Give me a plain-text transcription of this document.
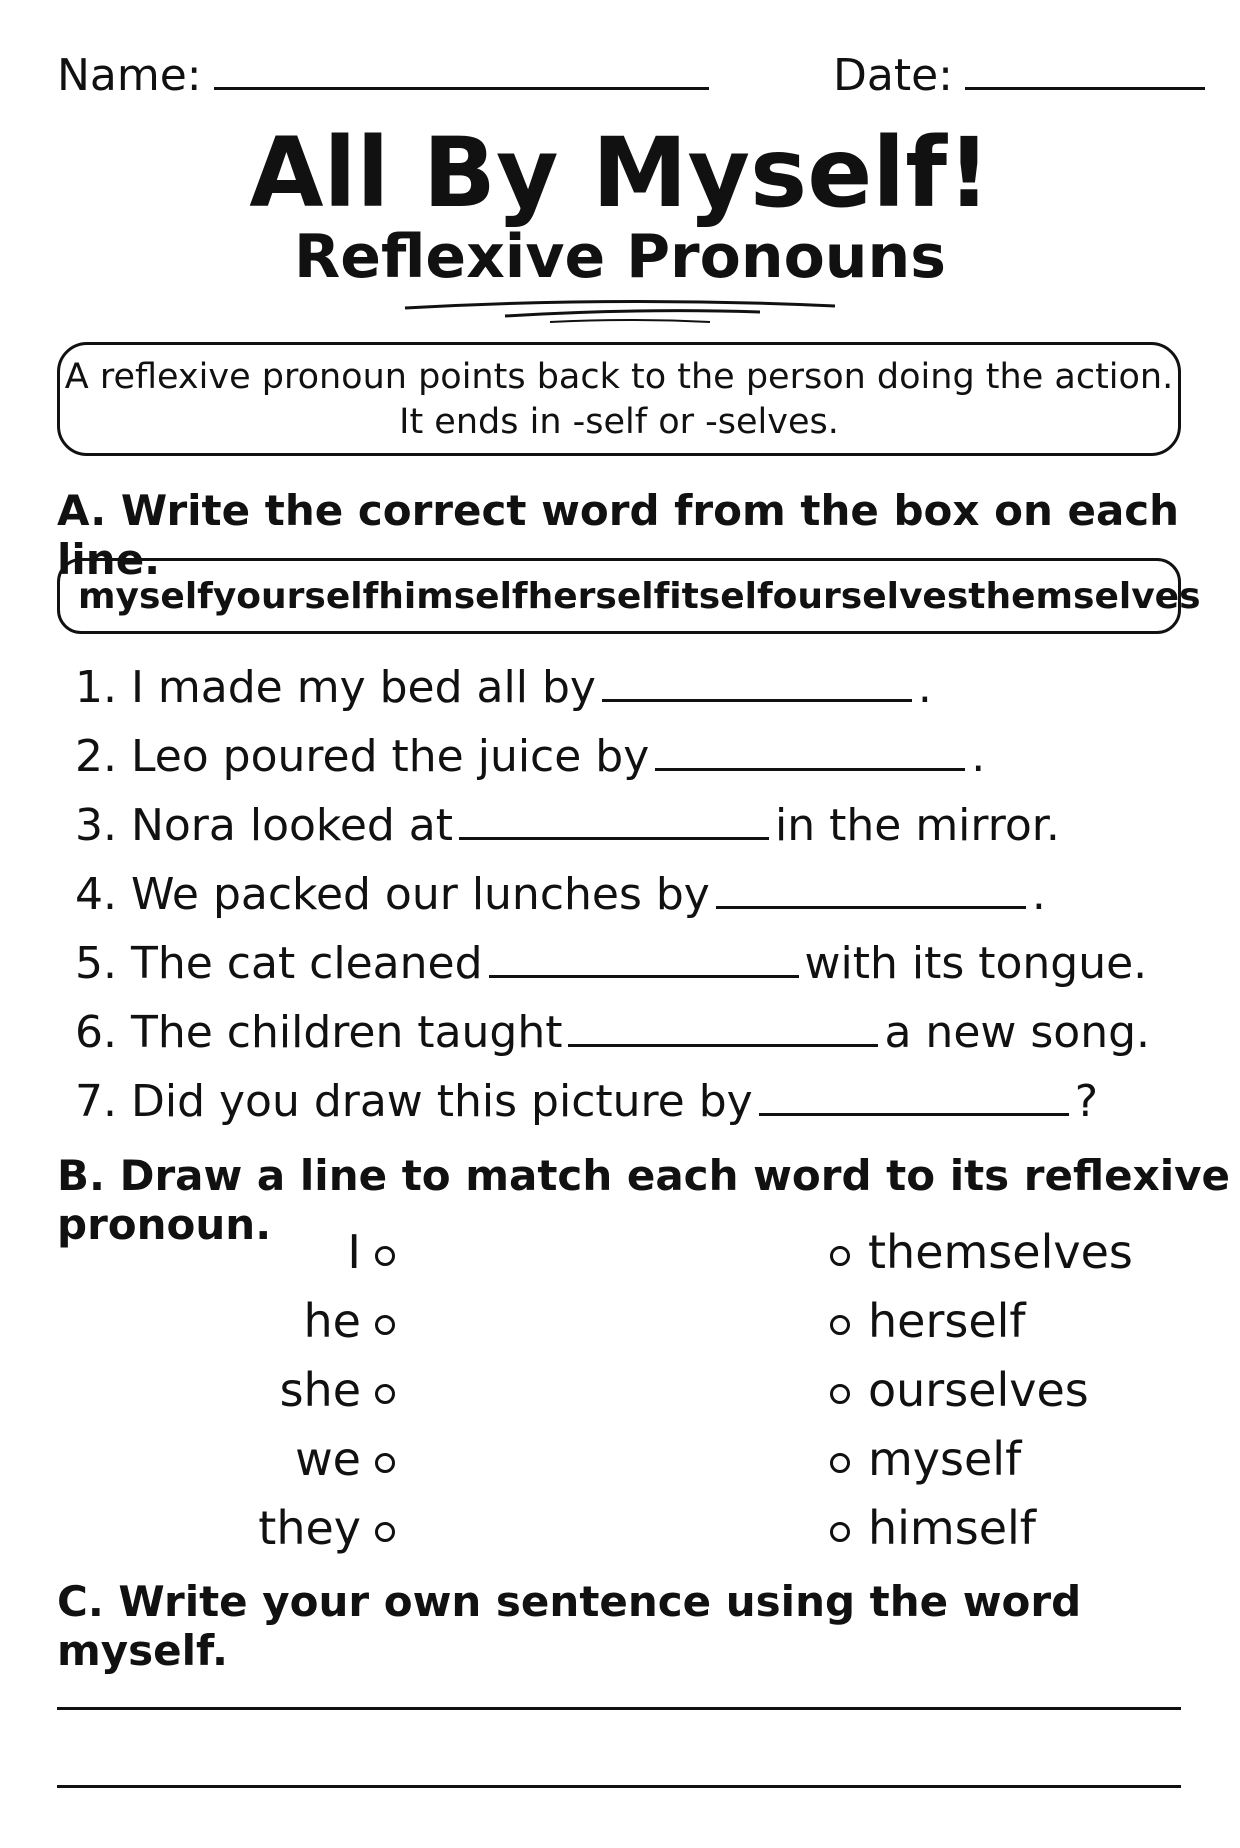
Name:	Date:
All By Myself!
Reflexive Pronouns
A reflexive pronoun points back to the person doing the action.
It ends in -self or -selves.
A. Write the correct word from the box on each line.
myself yourself himself herself itself ourselves themselves
1. I made my bed all by	.
2. Leo poured the juice by	.
3. Nora looked at	in the mirror.
4. We packed our lunches by	.
5. The cat cleaned	with its tongue.
6. The children taught	a new song.
7. Did you draw this picture by	?
B. Draw a line to match each word to its reflexive pronoun.
I
he
she
we
they
themselves
herself
ourselves
myself
himself
C. Write your own sentence using the word myself.
